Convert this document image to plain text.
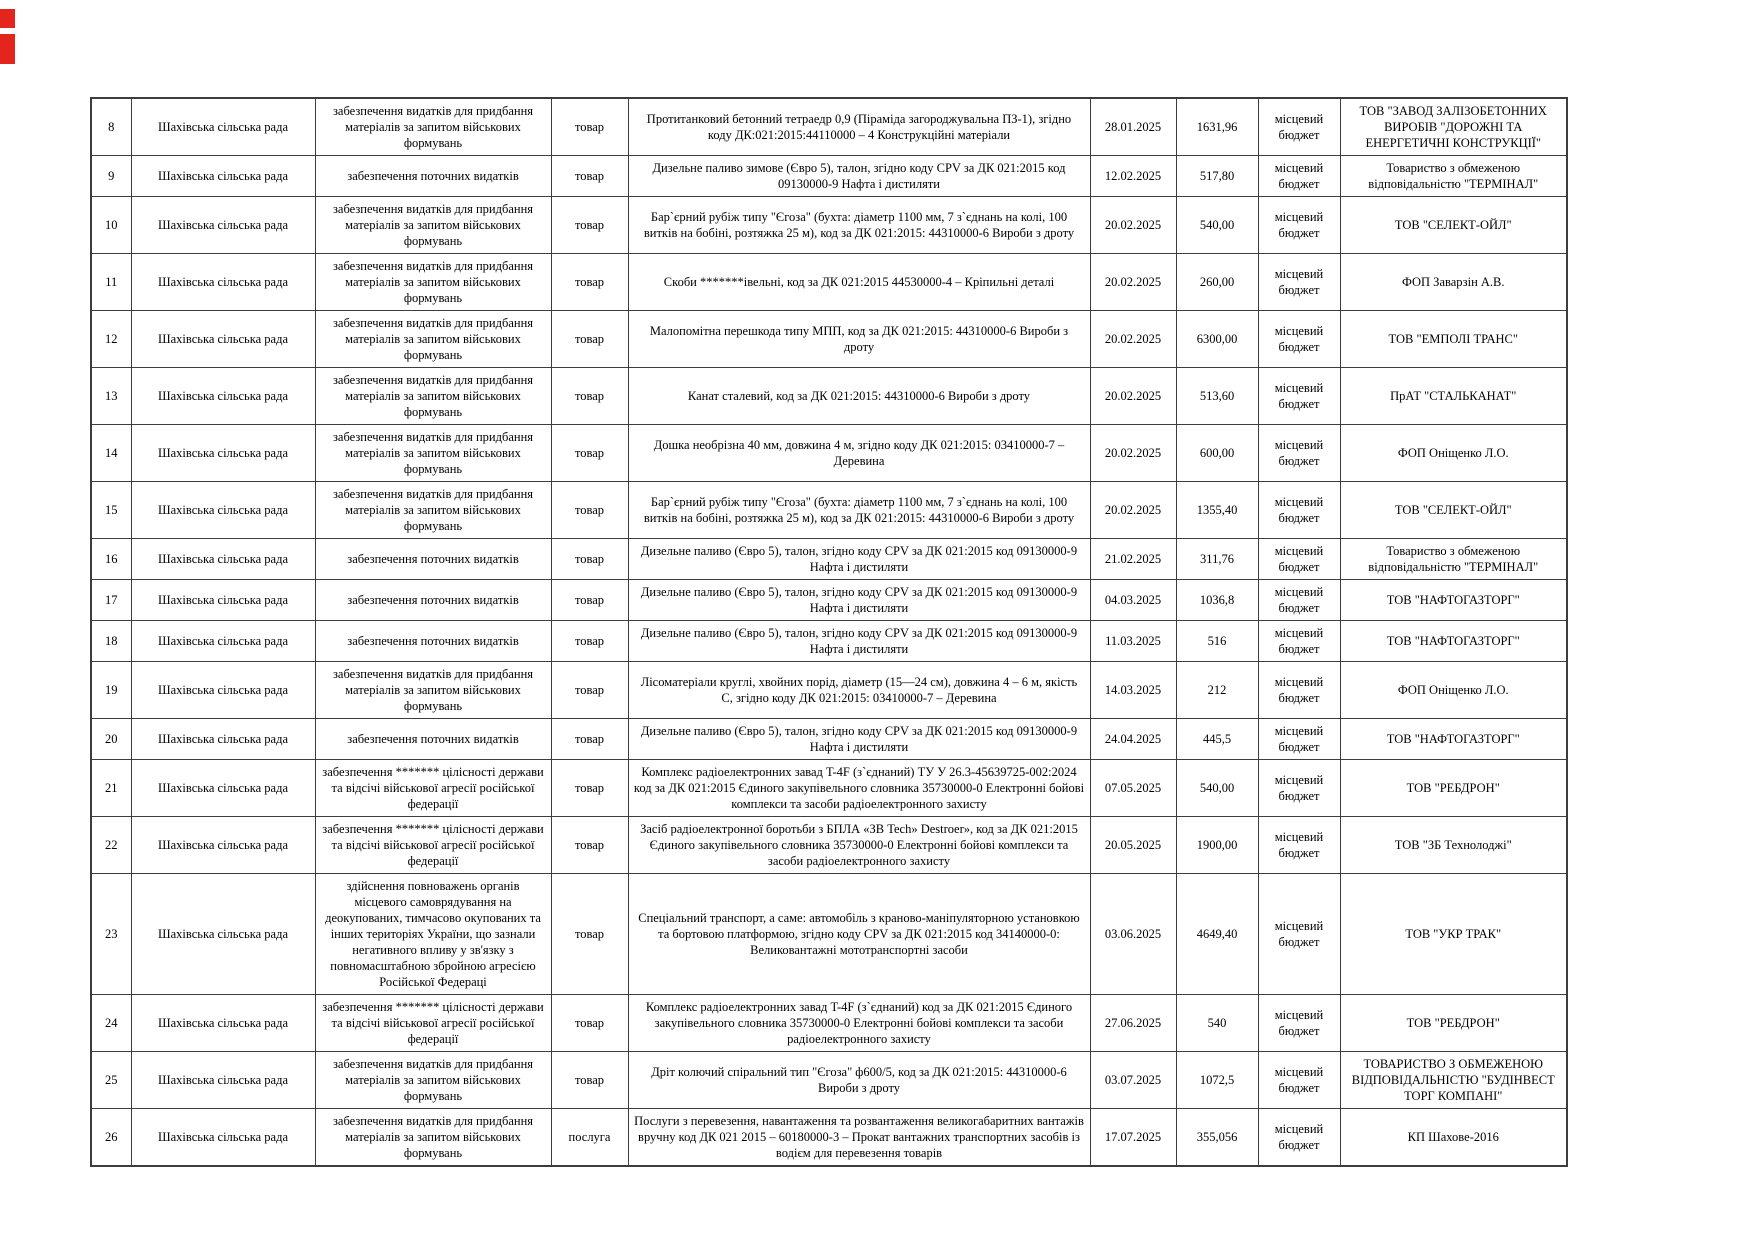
8	Шахівська сільська рада	забезпечення видатків для придбання матеріалів за запитом військових формувань	товар	Протитанковий бетонний тетраедр 0,9 (Піраміда загороджувальна ПЗ-1), згідно коду ДК:021:2015:44110000 – 4 Конструкційні матеріали	28.01.2025	1631,96	місцевий бюджет	ТОВ "ЗАВОД ЗАЛІЗОБЕТОННИХ ВИРОБІВ "ДОРОЖНІ ТА ЕНЕРГЕТИЧНІ КОНСТРУКЦІЇ"
9	Шахівська сільська рада	забезпечення поточних видатків	товар	Дизельне паливо зимове (Євро 5), талон, згідно коду CPV за ДК 021:2015 код 09130000-9 Нафта і дистиляти	12.02.2025	517,80	місцевий бюджет	Товариство з обмеженою відповідальністю "ТЕРМІНАЛ"
10	Шахівська сільська рада	забезпечення видатків для придбання матеріалів за запитом військових формувань	товар	Бар`єрний рубіж типу "Єгоза" (бухта: діаметр 1100 мм, 7 з`єднань на колі, 100 витків на бобіні, розтяжка 25 м), код за ДК 021:2015: 44310000-6 Вироби з дроту	20.02.2025	540,00	місцевий бюджет	ТОВ "СЕЛЕКТ-ОЙЛ"
11	Шахівська сільська рада	забезпечення видатків для придбання матеріалів за запитом військових формувань	товар	Скоби *******івельні, код за ДК 021:2015 44530000-4 – Кріпильні деталі	20.02.2025	260,00	місцевий бюджет	ФОП Заварзін А.В.
12	Шахівська сільська рада	забезпечення видатків для придбання матеріалів за запитом військових формувань	товар	Малопомітна перешкода типу МПП, код за ДК 021:2015: 44310000-6 Вироби з дроту	20.02.2025	6300,00	місцевий бюджет	ТОВ "ЕМПОЛІ ТРАНС"
13	Шахівська сільська рада	забезпечення видатків для придбання матеріалів за запитом військових формувань	товар	Канат сталевий, код за ДК 021:2015: 44310000-6 Вироби з дроту	20.02.2025	513,60	місцевий бюджет	ПрАТ "СТАЛЬКАНАТ"
14	Шахівська сільська рада	забезпечення видатків для придбання матеріалів за запитом військових формувань	товар	Дошка необрізна 40 мм, довжина 4 м, згідно коду ДК 021:2015: 03410000-7 – Деревина	20.02.2025	600,00	місцевий бюджет	ФОП Оніщенко Л.О.
15	Шахівська сільська рада	забезпечення видатків для придбання матеріалів за запитом військових формувань	товар	Бар`єрний рубіж типу "Єгоза" (бухта: діаметр 1100 мм, 7 з`єднань на колі, 100 витків на бобіні, розтяжка 25 м), код за ДК 021:2015: 44310000-6 Вироби з дроту	20.02.2025	1355,40	місцевий бюджет	ТОВ "СЕЛЕКТ-ОЙЛ"
16	Шахівська сільська рада	забезпечення поточних видатків	товар	Дизельне паливо (Євро 5), талон, згідно коду CPV за ДК 021:2015 код 09130000-9 Нафта і дистиляти	21.02.2025	311,76	місцевий бюджет	Товариство з обмеженою відповідальністю "ТЕРМІНАЛ"
17	Шахівська сільська рада	забезпечення поточних видатків	товар	Дизельне паливо (Євро 5), талон, згідно коду CPV за ДК 021:2015 код 09130000-9 Нафта і дистиляти	04.03.2025	1036,8	місцевий бюджет	ТОВ "НАФТОГАЗТОРГ"
18	Шахівська сільська рада	забезпечення поточних видатків	товар	Дизельне паливо (Євро 5), талон, згідно коду CPV за ДК 021:2015 код 09130000-9 Нафта і дистиляти	11.03.2025	516	місцевий бюджет	ТОВ "НАФТОГАЗТОРГ"
19	Шахівська сільська рада	забезпечення видатків для придбання матеріалів за запитом військових формувань	товар	Лісоматеріали круглі, хвойних порід, діаметр (15—24 см), довжина 4 – 6 м, якість С, згідно коду ДК 021:2015: 03410000-7 – Деревина	14.03.2025	212	місцевий бюджет	ФОП Оніщенко Л.О.
20	Шахівська сільська рада	забезпечення поточних видатків	товар	Дизельне паливо (Євро 5), талон, згідно коду CPV за ДК 021:2015 код 09130000-9 Нафта і дистиляти	24.04.2025	445,5	місцевий бюджет	ТОВ "НАФТОГАЗТОРГ"
21	Шахівська сільська рада	забезпечення ******* цілісності держави та відсічі військової агресії російської федерації	товар	Комплекс радіоелектронних завад T-4F (з`єднаний) ТУ У 26.3-45639725-002:2024 код за ДК 021:2015 Єдиного закупівельного словника 35730000-0 Електронні бойові комплекси та засоби радіоелектронного захисту	07.05.2025	540,00	місцевий бюджет	ТОВ "РЕБДРОН"
22	Шахівська сільська рада	забезпечення ******* цілісності держави та відсічі військової агресії російської федерації	товар	Засіб радіоелектронної боротьби з БПЛА «ЗВ Tech» Destroer», код за ДК 021:2015 Єдиного закупівельного словника 35730000-0 Електронні бойові комплекси та засоби радіоелектронного захисту	20.05.2025	1900,00	місцевий бюджет	ТОВ "ЗБ Технолоджі"
23	Шахівська сільська рада	здійснення повноважень органів місцевого самоврядування на деокупованих, тимчасово окупованих та інших територіях України, що зазнали негативного впливу у зв'язку з повномасштабною збройною агресією Російської Федераці	товар	Спеціальний транспорт, а саме: автомобіль з краново-маніпуляторною установкою та бортовою платформою, згідно коду CPV за ДК 021:2015 код 34140000-0: Великовантажні мототранспортні засоби	03.06.2025	4649,40	місцевий бюджет	ТОВ "УКР ТРАК"
24	Шахівська сільська рада	забезпечення ******* цілісності держави та відсічі військової агресії російської федерації	товар	Комплекс радіоелектронних завад T-4F (з`єднаний) код за ДК 021:2015 Єдиного закупівельного словника 35730000-0 Електронні бойові комплекси та засоби радіоелектронного захисту	27.06.2025	540	місцевий бюджет	ТОВ "РЕБДРОН"
25	Шахівська сільська рада	забезпечення видатків для придбання матеріалів за запитом військових формувань	товар	Дріт колючий спіральний тип "Єгоза" ф600/5, код за ДК 021:2015: 44310000-6 Вироби з дроту	03.07.2025	1072,5	місцевий бюджет	ТОВАРИСТВО З ОБМЕЖЕНОЮ ВІДПОВІДАЛЬНІСТЮ "БУДІНВЕСТ ТОРГ КОМПАНІ"
26	Шахівська сільська рада	забезпечення видатків для придбання матеріалів за запитом військових формувань	послуга	Послуги з перевезення, навантаження та розвантаження великогабаритних вантажів вручну код ДК 021 2015 – 60180000-3 – Прокат вантажних транспортних засобів із водієм для перевезення товарів	17.07.2025	355,056	місцевий бюджет	КП Шахове-2016
